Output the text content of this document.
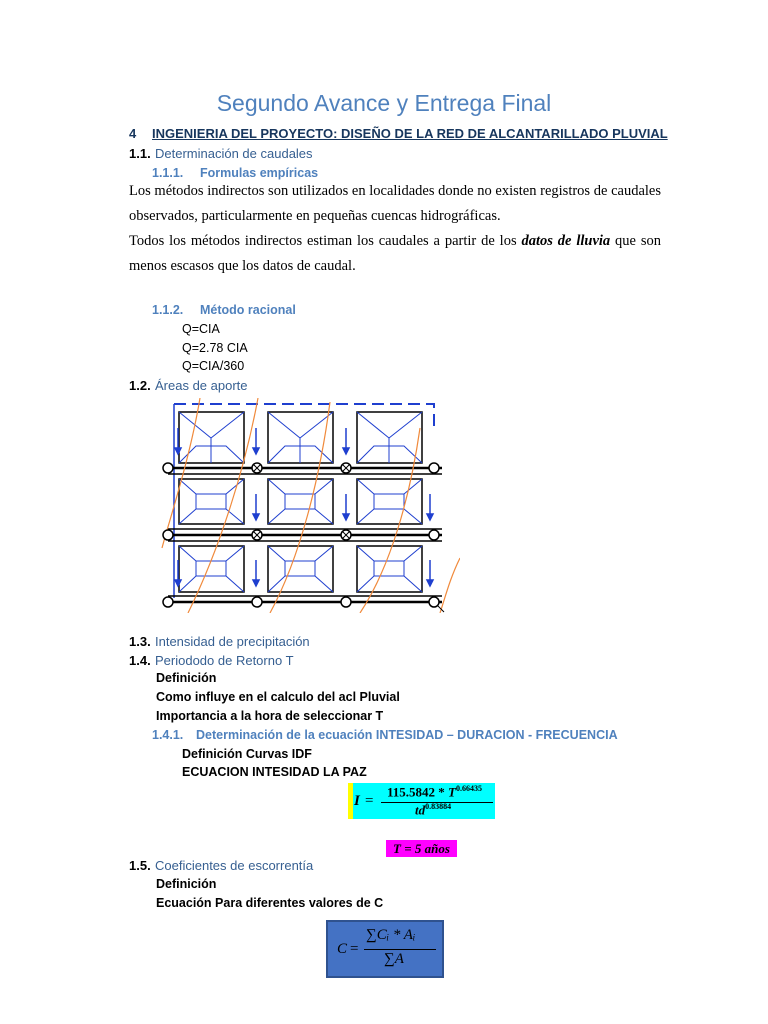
Segundo Avance y Entrega Final
4 INGENIERIA DEL PROYECTO: DISEÑO DE LA RED DE ALCANTARILLADO PLUVIAL
1.1. Determinación de caudales
1.1.1. Formulas empíricas
Los métodos indirectos son utilizados en localidades donde no existen registros de caudales observados, particularmente en pequeñas cuencas hidrográficas.
Todos los métodos indirectos estiman los caudales a partir de los datos de lluvia que son menos escasos que los datos de caudal.
1.1.2. Método racional
Q=CIA
Q=2.78 CIA
Q=CIA/360
1.2. Áreas de aporte
1.3. Intensidad de precipitación
1.4. Periododo de Retorno T
Definición
Como influye en el calculo del acl Pluvial
Importancia a la hora de seleccionar T
1.4.1. Determinación de la ecuación INTESIDAD – DURACION - FRECUENCIA
Definición Curvas IDF
ECUACION INTESIDAD LA PAZ
I =
$115.5842 * T^{0.66435}$
$td^{0.83884}$
T = 5 años
1.5. Coeficientes de escorrentía
Definición
Ecuación Para diferentes valores de C
C =
∑Cᵢ * Aᵢ
∑A
